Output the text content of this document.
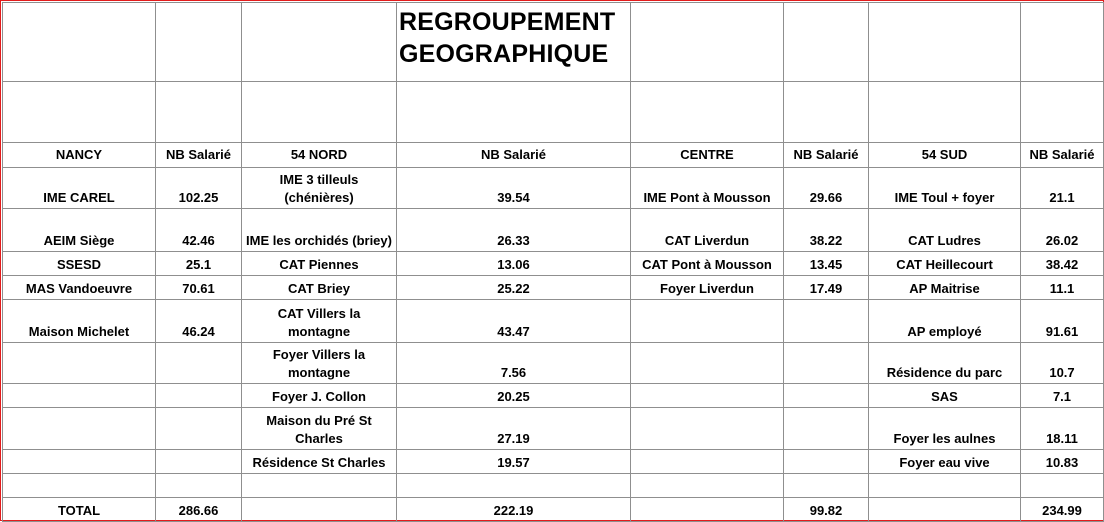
			REGROUPEMENT
GEOGRAPHIQUE				

NANCY	NB Salarié	54 NORD	NB Salarié	CENTRE	NB Salarié	54 SUD	NB Salarié
IME CAREL	102.25	IME 3 tilleuls (chénières)	39.54	IME Pont à Mousson	29.66	IME Toul + foyer	21.1
AEIM Siège	42.46	IME les orchidés (briey)	26.33	CAT Liverdun	38.22	CAT Ludres	26.02
SSESD	25.1	CAT Piennes	13.06	CAT Pont à Mousson	13.45	CAT Heillecourt	38.42
MAS Vandoeuvre	70.61	CAT Briey	25.22	Foyer Liverdun	17.49	AP Maitrise	11.1
Maison Michelet	46.24	CAT Villers la montagne	43.47			AP employé	91.61
		Foyer Villers la montagne	7.56			Résidence du parc	10.7
		Foyer J. Collon	20.25			SAS	7.1
		Maison du Pré St Charles	27.19			Foyer les aulnes	18.11
		Résidence St Charles	19.57			Foyer eau vive	10.83

TOTAL	286.66		222.19		99.82		234.99
